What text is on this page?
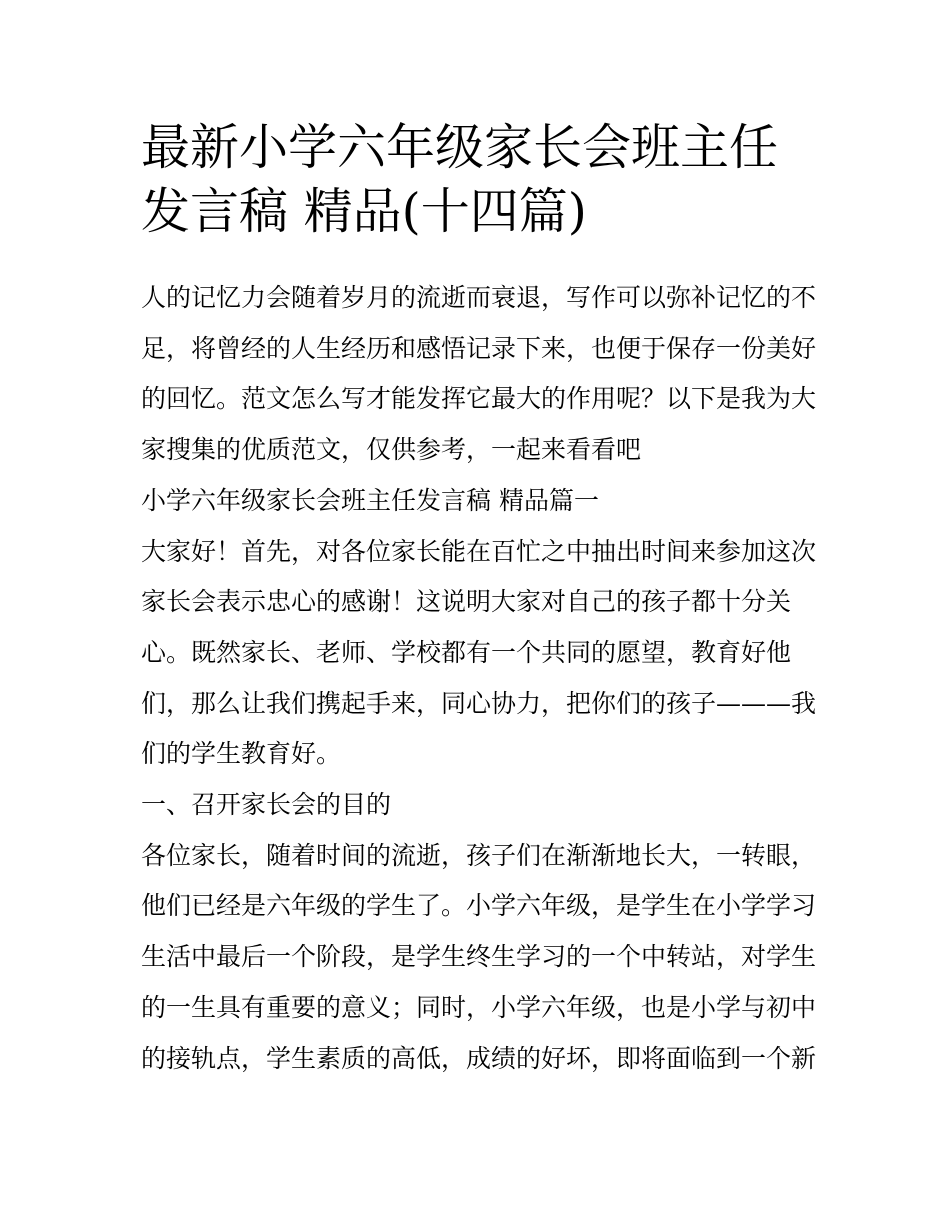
最新小学六年级家长会班主任
发言稿 精品(十四篇)

人的记忆力会随着岁月的流逝而衰退，写作可以弥补记忆的不
足，将曾经的人生经历和感悟记录下来，也便于保存一份美好
的回忆。范文怎么写才能发挥它最大的作用呢？以下是我为大
家搜集的优质范文，仅供参考，一起来看看吧

小学六年级家长会班主任发言稿 精品篇一

大家好！首先，对各位家长能在百忙之中抽出时间来参加这次
家长会表示忠心的感谢！这说明大家对自己的孩子都十分关
心。既然家长、老师、学校都有一个共同的愿望，教育好他
们，那么让我们携起手来，同心协力，把你们的孩子———我
们的学生教育好。

一、召开家长会的目的

各位家长，随着时间的流逝，孩子们在渐渐地长大，一转眼，
他们已经是六年级的学生了。小学六年级，是学生在小学学习
生活中最后一个阶段，是学生终生学习的一个中转站，对学生
的一生具有重要的意义；同时，小学六年级，也是小学与初中
的接轨点，学生素质的高低，成绩的好坏，即将面临到一个新
